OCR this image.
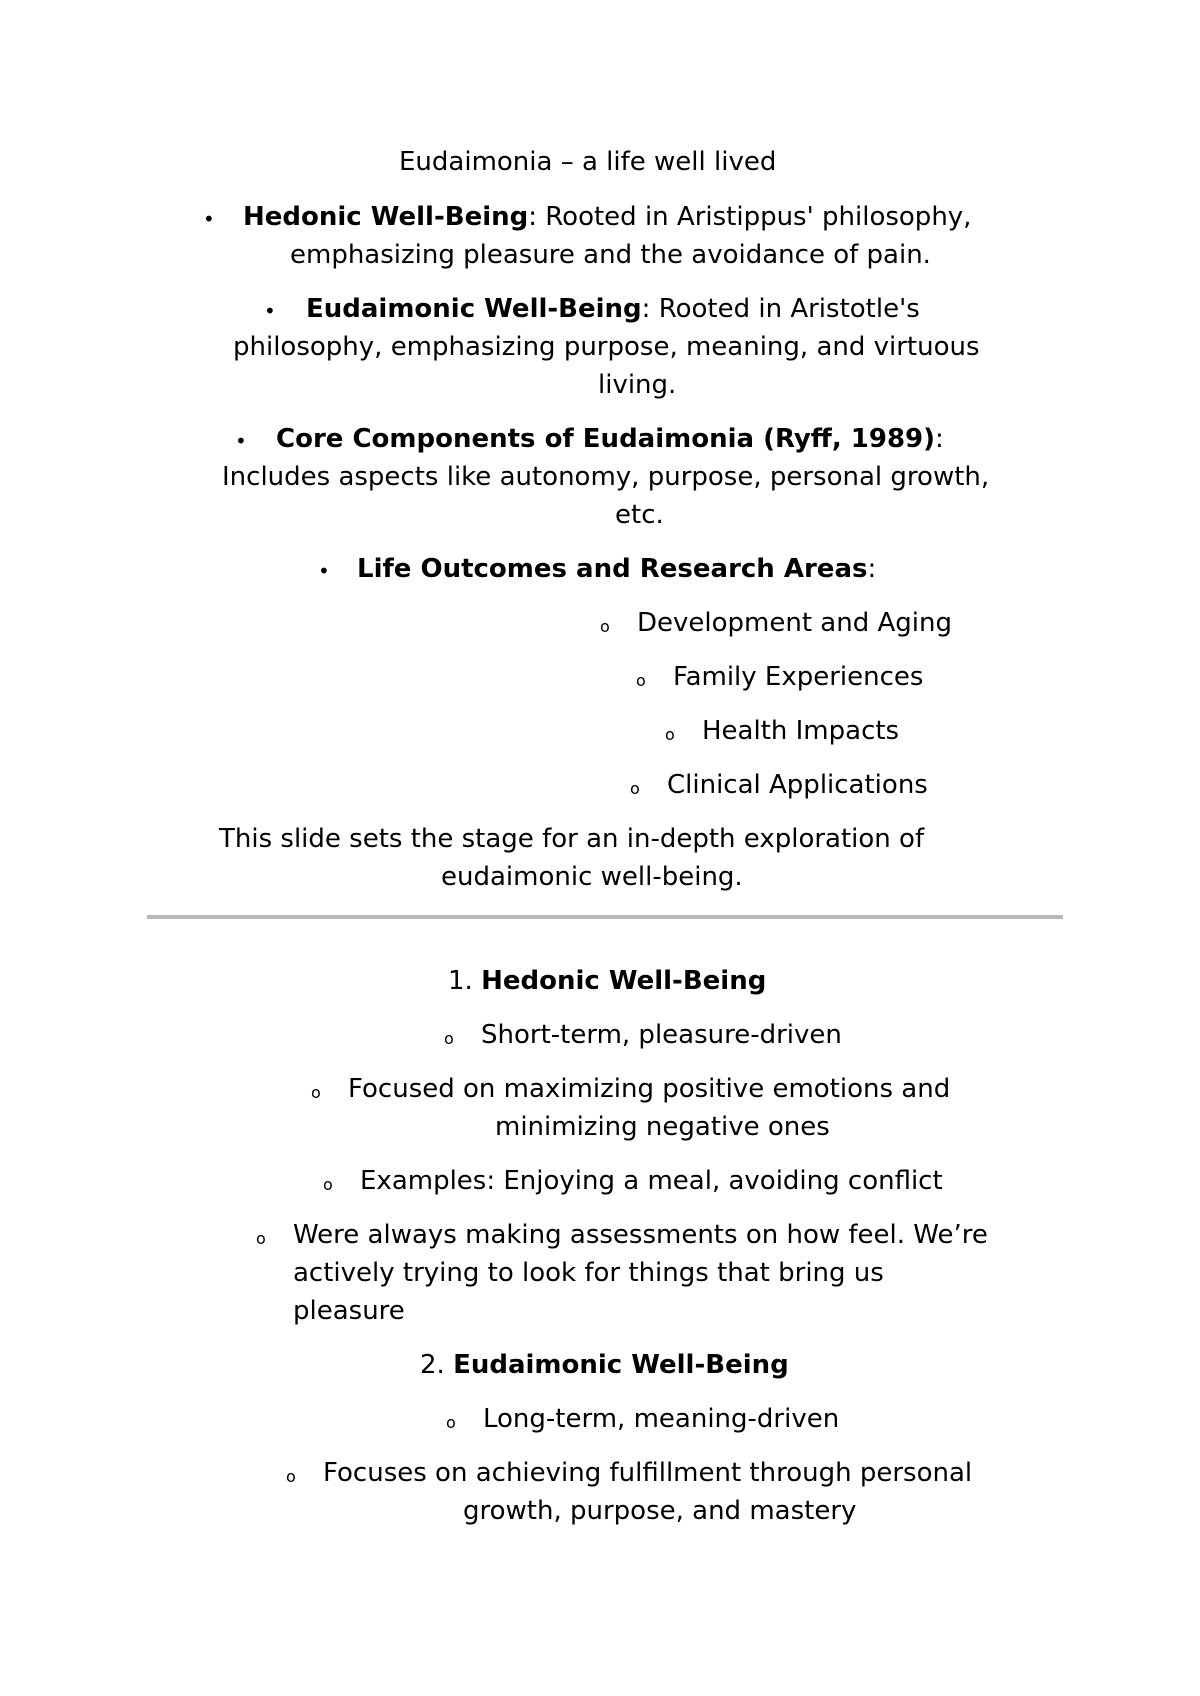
Eudaimonia – a life well lived
• Hedonic Well-Being: Rooted in Aristippus' philosophy,
emphasizing pleasure and the avoidance of pain.
• Eudaimonic Well-Being: Rooted in Aristotle's
philosophy, emphasizing purpose, meaning, and virtuous
living.
• Core Components of Eudaimonia (Ryff, 1989):
Includes aspects like autonomy, purpose, personal growth,
etc.
• Life Outcomes and Research Areas:
o Development and Aging
o Family Experiences
o Health Impacts
o Clinical Applications
This slide sets the stage for an in-depth exploration of
eudaimonic well-being.
1. Hedonic Well-Being
o Short-term, pleasure-driven
o Focused on maximizing positive emotions and
minimizing negative ones
o Examples: Enjoying a meal, avoiding conflict
o Were always making assessments on how feel. We’re
actively trying to look for things that bring us
pleasure
2. Eudaimonic Well-Being
o Long-term, meaning-driven
o Focuses on achieving fulfillment through personal
growth, purpose, and mastery
